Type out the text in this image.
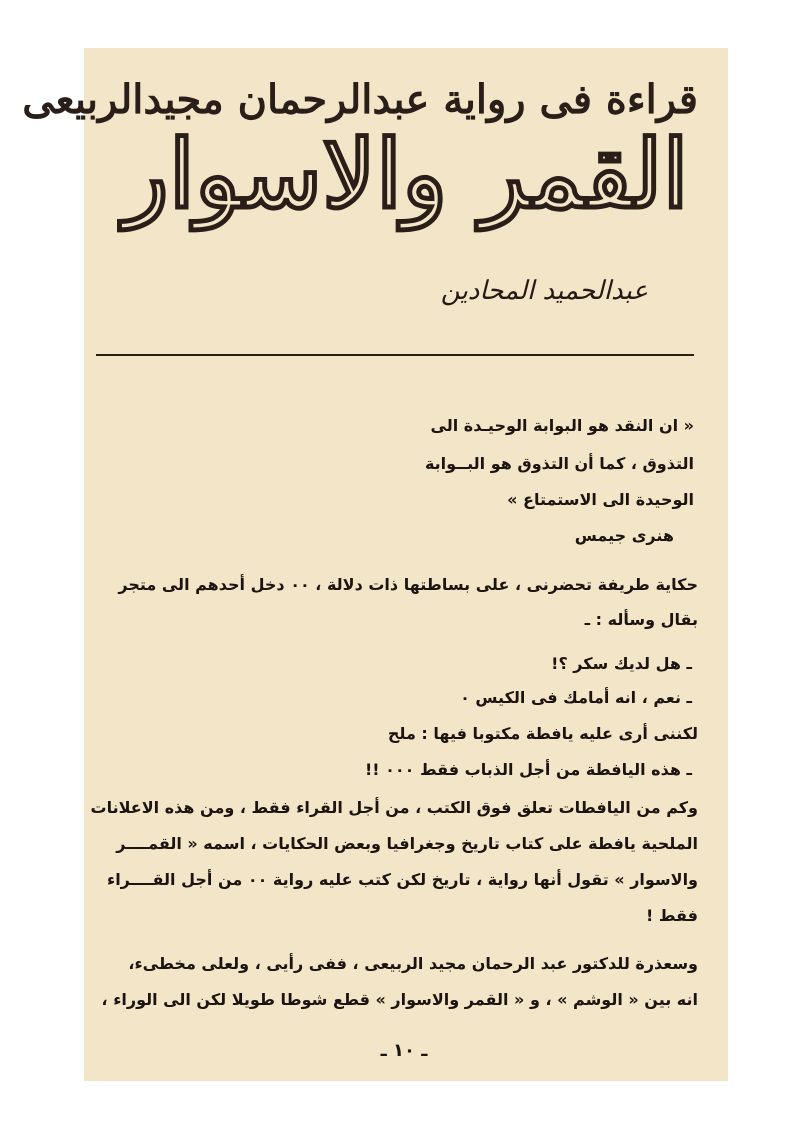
قراءة فى رواية عبدالرحمان مجيدالربيعى
القمر والاسوار
عبدالحميد المحادين
« ان النقد هو البوابة الوحيـدة الى
التذوق ، كما أن التذوق هو البــوابة
الوحيدة الى الاستمتاع »
هنرى جيمس
حكاية طريفة تحضرنى ، على بساطتها ذات دلالة ، ٠٠ دخل أحدهم الى متجر
بقال وسأله : ـ
ـ هل لديك سكر ؟!
ـ نعم ، انه أمامك فى الكيس ٠
لكننى أرى عليه يافطة مكتوبا فيها : ملح
ـ هذه اليافطة من أجل الذباب فقط ٠٠٠ !!
وكم من اليافطات تعلق فوق الكتب ، من أجل القراء فقط ، ومن هذه الاعلانات
الملحية يافطة على كتاب تاريخ وجغرافيا وبعض الحكايات ، اسمه « القمــــر
والاسوار » تقول أنها رواية ، تاريخ لكن كتب عليه رواية ٠٠ من أجل القــــراء
فقط !
وسعذرة للدكتور عبد الرحمان مجيد الربيعى ، ففى رأيى ، ولعلى مخطىء،
انه بين « الوشم » ، و « القمر والاسوار » قطع شوطا طويلا لكن الى الوراء ،
ـ ١٠ ـ
